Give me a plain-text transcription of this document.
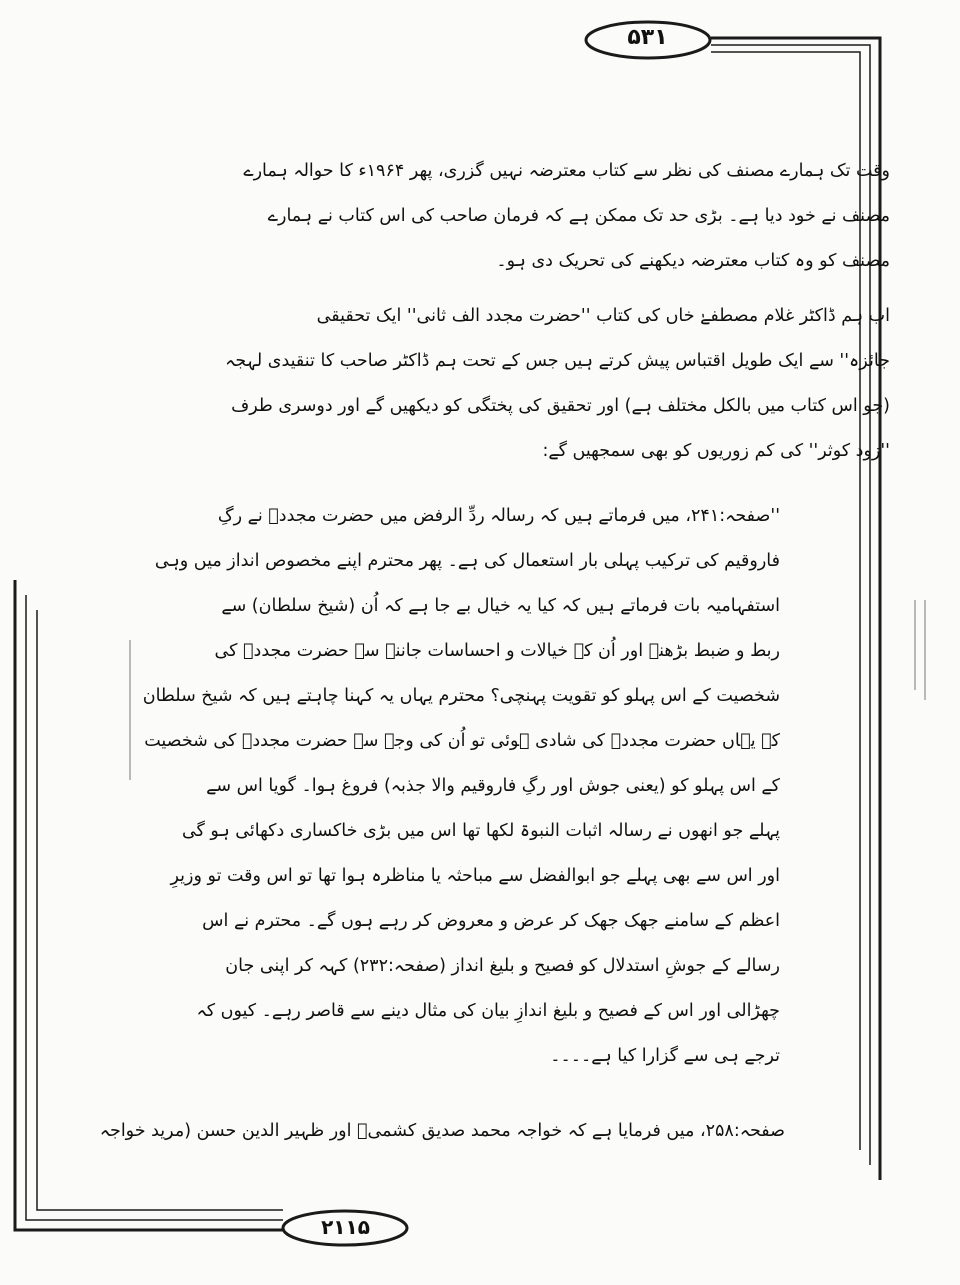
۵۳۱
۲۱۱۵
وقت تک ہمارے مصنف کی نظر سے کتاب معترضہ نہیں گزری، پھر ۱۹۶۴ء کا حوالہ ہمارے
مصنف نے خود دیا ہے۔ بڑی حد تک ممکن ہے کہ فرمان صاحب کی اس کتاب نے ہمارے
مصنف کو وہ کتاب معترضہ دیکھنے کی تحریک دی ہو۔
اب ہم ڈاکٹر غلام مصطفےٰ خاں کی کتاب ''حضرت مجدد الف ثانی'' ایک تحقیقی
جائزہ'' سے ایک طویل اقتباس پیش کرتے ہیں جس کے تحت ہم ڈاکٹر صاحب کا تنقیدی لہجہ
(جو اس کتاب میں بالکل مختلف ہے) اور تحقیق کی پختگی کو دیکھیں گے اور دوسری طرف
''زود کوثر'' کی کم زوریوں کو بھی سمجھیں گے:
''صفحہ:۲۴۱، میں فرماتے ہیں کہ رسالہ ردِّ الرفض میں حضرت مجددؒ نے رگِ
فاروقیم کی ترکیب پہلی بار استعمال کی ہے۔ پھر محترم اپنے مخصوص انداز میں وہی
استفہامیہ بات فرماتے ہیں کہ کیا یہ خیال بے جا ہے کہ اُن (شیخ سلطان) سے
ربط و ضبط بڑھنے اور اُن کے خیالات و احساسات جاننے سے حضرت مجددؒ کی
شخصیت کے اس پہلو کو تقویت پہنچی؟ محترم یہاں یہ کہنا چاہتے ہیں کہ شیخ سلطان
کے یہاں حضرت مجددؒ کی شادی ہوئی تو اُن کی وجہ سے حضرت مجددؒ کی شخصیت
کے اس پہلو کو (یعنی جوش اور رگِ فاروقیم والا جذبہ) فروغ ہوا۔ گویا اس سے
پہلے جو انھوں نے رسالہ اثبات النبوۃ لکھا تھا اس میں بڑی خاکساری دکھائی ہو گی
اور اس سے بھی پہلے جو ابوالفضل سے مباحثہ یا مناظرہ ہوا تھا تو اس وقت تو وزیرِ
اعظم کے سامنے جھک جھک کر عرض و معروض کر رہے ہوں گے۔ محترم نے اس
رسالے کے جوشِ استدلال کو فصیح و بلیغ انداز (صفحہ:۲۳۲) کہہ کر اپنی جان
چھڑالی اور اس کے فصیح و بلیغ اندازِ بیان کی مثال دینے سے قاصر رہے۔ کیوں کہ
ترجے ہی سے گزارا کیا ہے۔۔۔۔
صفحہ:۲۵۸، میں فرمایا ہے کہ خواجہ محمد صدیق کشمیؒ اور ظہیر الدین حسن (مرید خواجہ
